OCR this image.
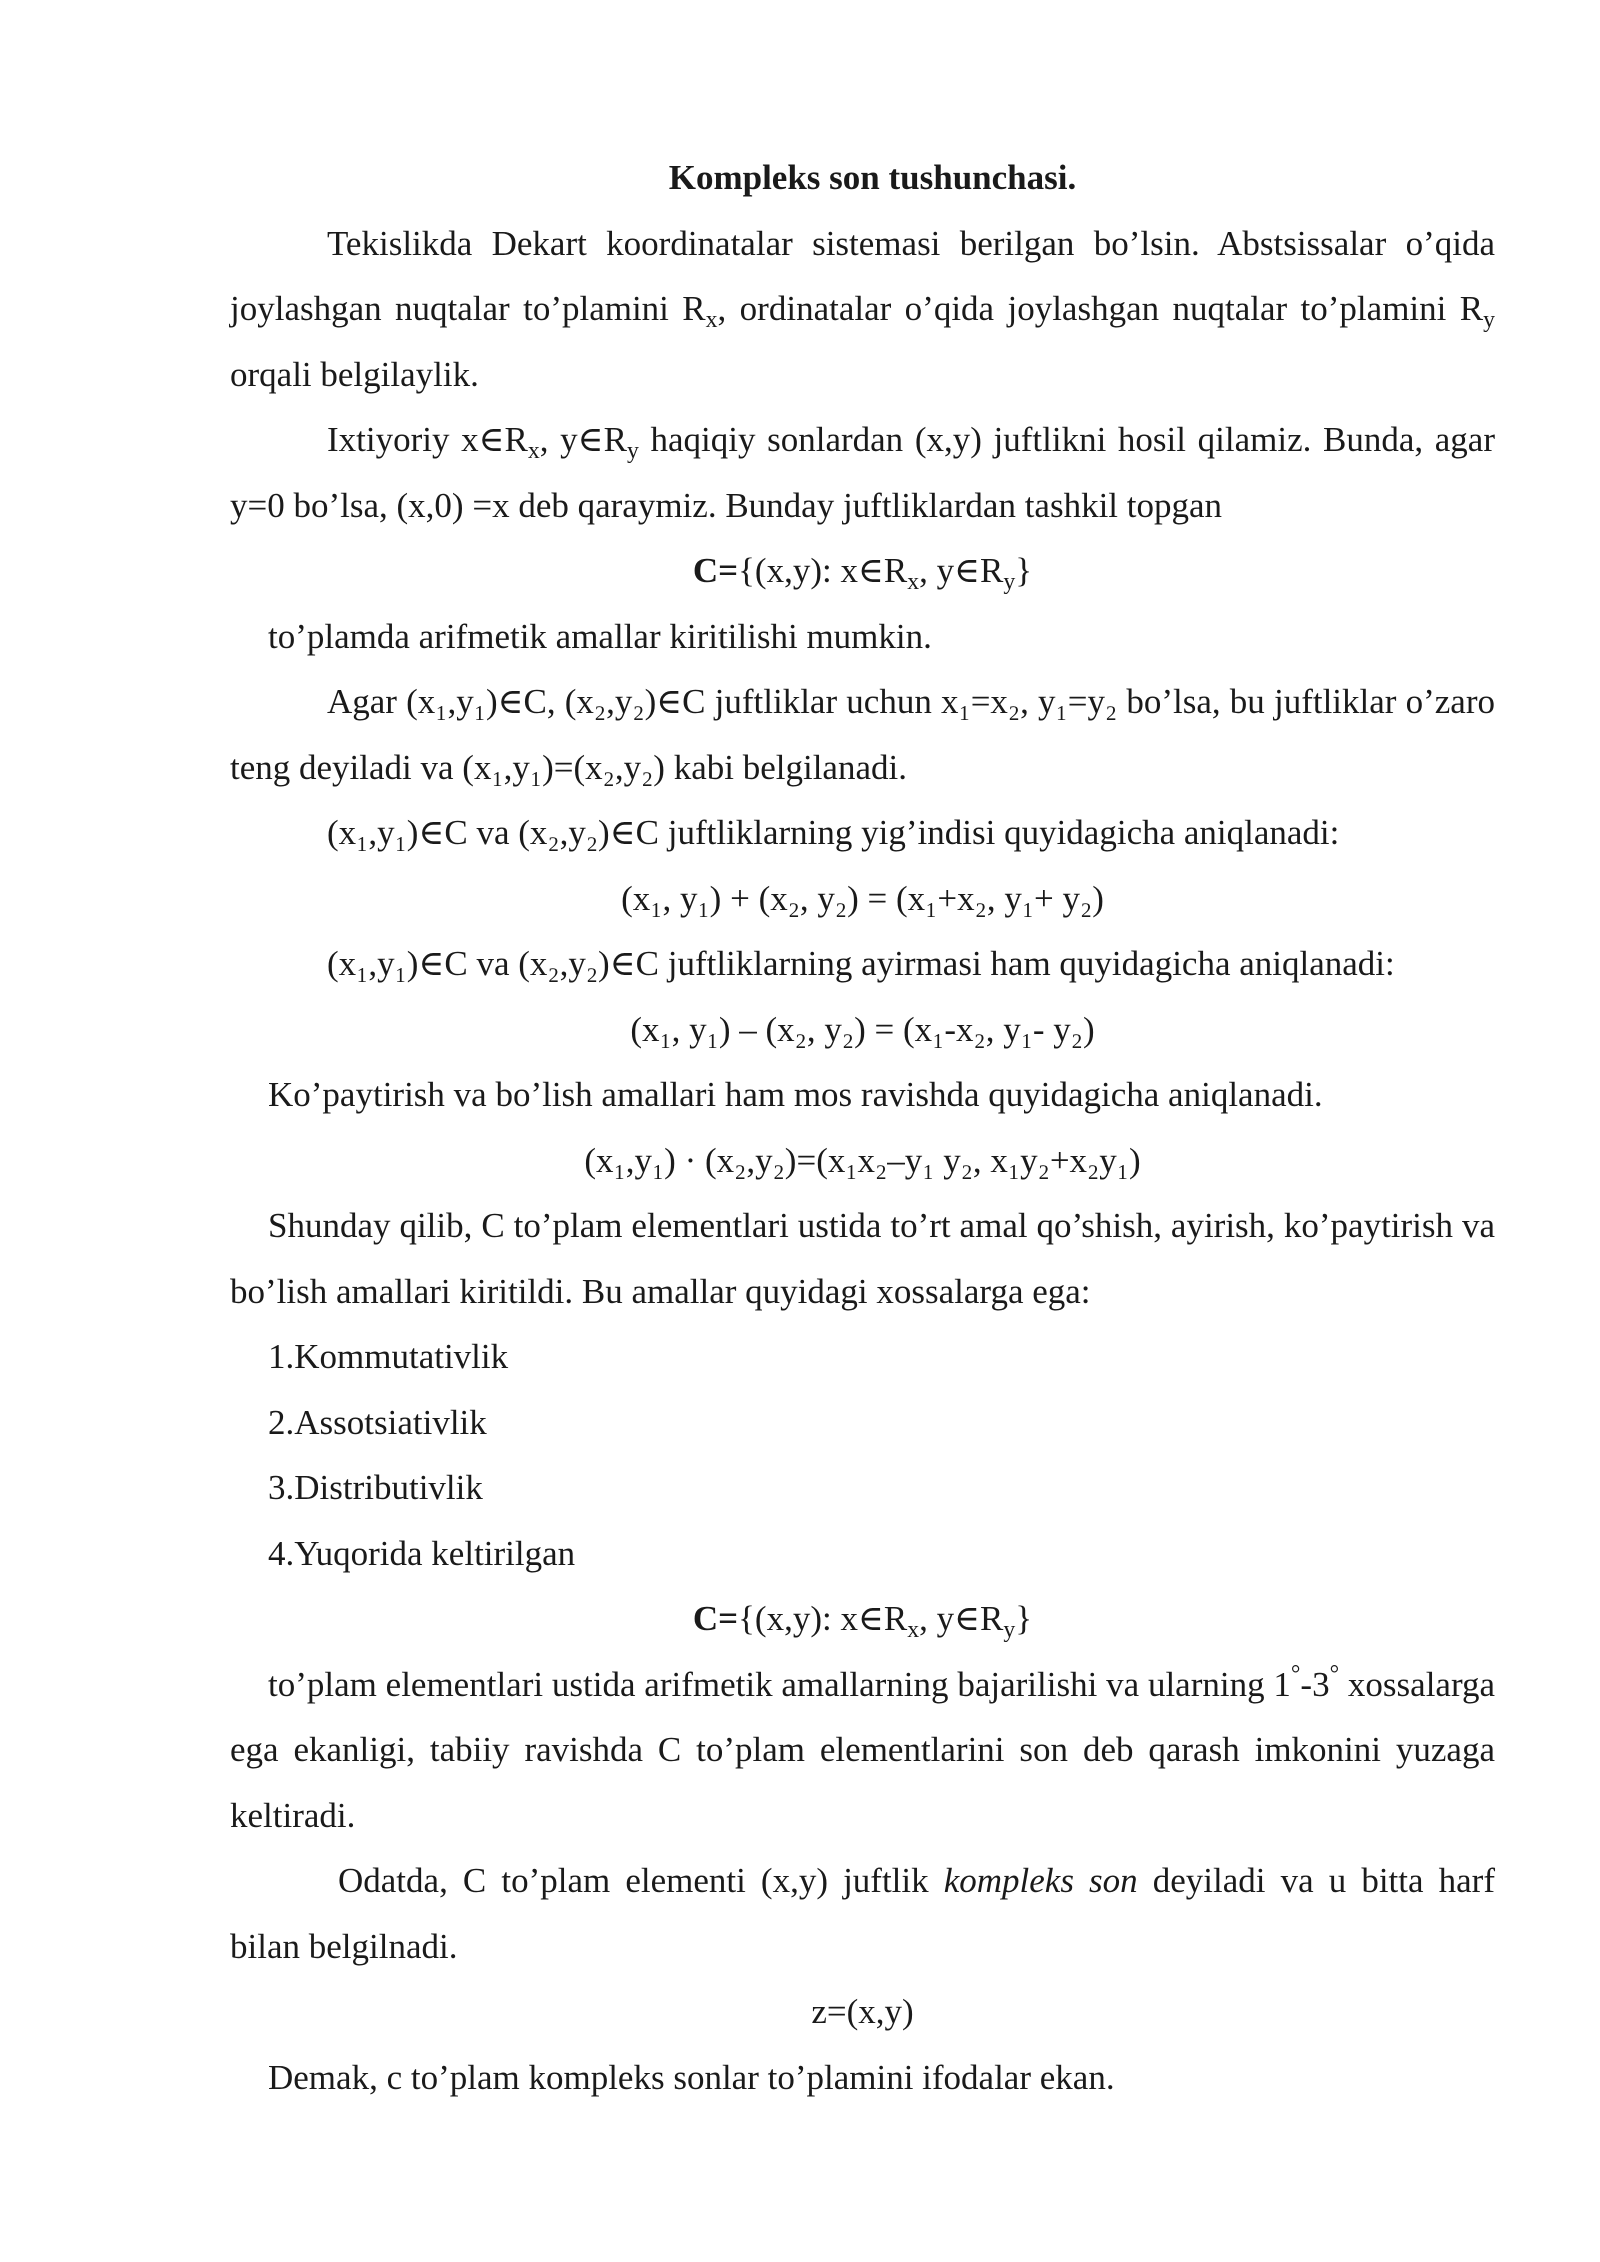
Kompleks son tushunchasi.

Tekislikda Dekart koordinatalar sistemasi berilgan bo’lsin. Abstsissalar o’qida joylashgan nuqtalar to’plamini $R_x$, ordinatalar o’qida joylashgan nuqtalar to’plamini $R_y$ orqali belgilaylik.

Ixtiyoriy $x\in R_x$, $y\in R_y$ haqiqiy sonlardan (x,y) juftlikni hosil qilamiz. Bunda, agar y=0 bo’lsa, (x,0) =x deb qaraymiz. Bunday juftliklardan tashkil topgan

C={(x,y): $x\in R_x$, $y\in R_y$}
to’plamda arifmetik amallar kiritilishi mumkin.

Agar (x₁,y₁)∈C, (x₂,y₂)∈C juftliklar uchun x₁=x₂, y₁=y₂ bo’lsa, bu juftliklar o’zaro teng deyiladi va (x₁,y₁)=(x₂,y₂) kabi belgilanadi.

(x₁,y₁)∈C va (x₂,y₂)∈C juftliklarning yig’indisi quyidagicha aniqlanadi:
(x₁, y₁) + (x₂, y₂) = (x₁+x₂, y₁+ y₂)
(x₁,y₁)∈C va (x₂,y₂)∈C juftliklarning ayirmasi ham quyidagicha aniqlanadi:
(x₁, y₁) – (x₂, y₂) = (x₁-x₂, y₁- y₂)
Ko’paytirish va bo’lish amallari ham mos ravishda quyidagicha aniqlanadi.
(x₁,y₁) · (x₂,y₂)=(x₁x₂–y₁ y₂, x₁y₂+x₂y₁)

Shunday qilib, C to’plam elementlari ustida to’rt amal qo’shish, ayirish, ko’paytirish va bo’lish amallari kiritildi. Bu amallar quyidagi xossalarga ega:

1.Kommutativlik
2.Assotsiativlik
3.Distributivlik
4.Yuqorida keltirilgan
C={(x,y): $x\in R_x$, $y\in R_y$}

to’plam elementlari ustida arifmetik amallarning bajarilishi va ularning 1°-3° xossalarga ega ekanligi, tabiiy ravishda C to’plam elementlarini son deb qarash imkonini yuzaga keltiradi.

Odatda, C to’plam elementi (x,y) juftlik kompleks son deyiladi va u bitta harf bilan belgilnadi.

z=(x,y)
Demak, c to’plam kompleks sonlar to’plamini ifodalar ekan.
